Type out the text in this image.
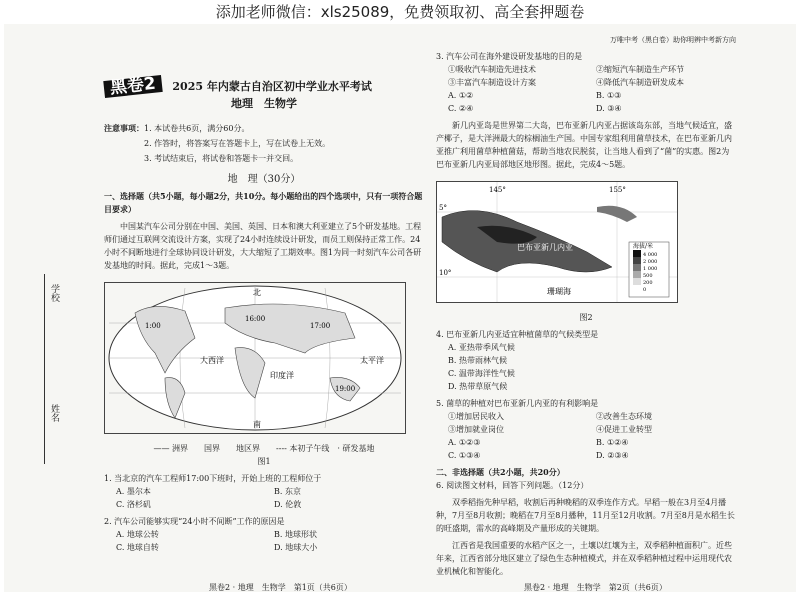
添加老师微信：xls25089，免费领取初、高全套押题卷
学校
姓名
黑卷2 2025 年内蒙古自治区初中学业水平考试
地理　生物学
注意事项：1. 本试卷共6页，满分60分。
2. 作答时，将答案写在答题卡上，写在试卷上无效。
3. 考试结束后，将试卷和答题卡一并交回。
地　理（30分）
一、选择题（共5小题，每小题2分，共10分。每小题给出的四个选项中，只有一项符合题目要求）
中国某汽车公司分别在中国、美国、英国、日本和澳大利亚建立了5个研发基地。工程师们通过互联网交流设计方案，实现了24小时连续设计研发，而员工则保持正常工作。24小时不间断地进行全球协同设计研发，大大缩短了工期效率。图1为同一时刻汽车公司各研发基地的时间。据此，完成1～3题。
北
南
印度洋
太平洋
大西洋
1:00	17:00
19:00
16:00
—— 洲界　　国界　　地区界　　---- 本初子午线　· 研发基地
图1
1. 当北京的汽车工程师17:00下班时，开始上班的工程师位于
A. 墨尔本	B. 东京
C. 洛杉矶	D. 伦敦
2. 汽车公司能够实现“24小时不间断”工作的原因是
A. 地球公转	B. 地球形状
C. 地球自转	D. 地球大小
黑卷2 · 地理　生物学　第1页（共6页）
万唯中考（黑白卷）助你明辨中考新方向
3. 汽车公司在海外建设研发基地的目的是
①吸收汽车制造先进技术	②缩短汽车制造生产环节
③丰富汽车制造设计方案	④降低汽车制造研发成本
A. ①②	B. ①③
C. ②④	D. ③④
新几内亚岛是世界第二大岛，巴布亚新几内亚占据该岛东部，当地气候适宜，盛产椰子，是大洋洲最大的棕榈油生产国。中国专家组利用菌草技术，在巴布亚新几内亚推广利用菌草种植菌菇，帮助当地农民脱贫，让当地人看到了“菌”的实惠。图2为巴布亚新几内亚局部地区地形图。据此，完成4～5题。
海拔/米
4 000
2 000
1 000
500
200
0
145°	155°
5°
10°
巴布亚新几内亚
珊瑚海
图2
4. 巴布亚新几内亚适宜种植菌草的气候类型是
A. 亚热带季风气候
B. 热带雨林气候
C. 温带海洋性气候
D. 热带草原气候
5. 菌草的种植对巴布亚新几内亚的有利影响是
①增加居民收入	②改善生态环境
③增加就业岗位	④促进工业转型
A. ①②③	B. ①②④
C. ①③④	D. ②③④
二、非选择题（共2小题，共20分）
6. 阅读图文材料，回答下列问题。（12分）
双季稻指先种早稻，收割后再种晚稻的双季连作方式。早稻一般在3月至4月播种，7月至8月收割；晚稻在7月至8月播种，11月至12月收割。7月至8月是水稻生长的旺盛期，需水的高峰期及产量形成的关键期。
江西省是我国重要的水稻产区之一，土壤以红壤为主，双季稻种植面积广。近些年来，江西省部分地区建立了绿色生态种植模式，并在双季稻种植过程中运用现代农业机械化和智能化。
黑卷2 · 地理　生物学　第2页（共6页）
